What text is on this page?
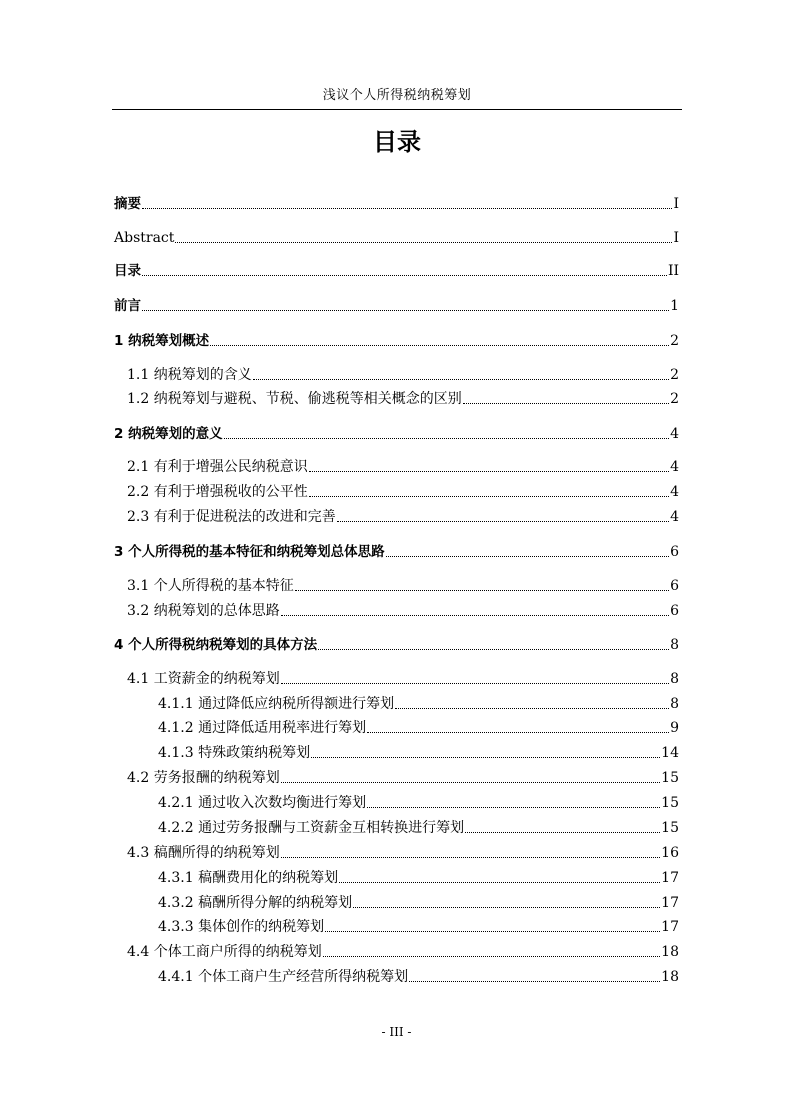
浅议个人所得税纳税筹划
目录
摘要	I
Abstract	I
目录	II
前言	1
1 纳税筹划概述	2
1.1 纳税筹划的含义	2
1.2 纳税筹划与避税、节税、偷逃税等相关概念的区别	2
2 纳税筹划的意义	4
2.1 有利于增强公民纳税意识	4
2.2 有利于增强税收的公平性	4
2.3 有利于促进税法的改进和完善	4
3 个人所得税的基本特征和纳税筹划总体思路	6
3.1 个人所得税的基本特征	6
3.2 纳税筹划的总体思路	6
4 个人所得税纳税筹划的具体方法	8
4.1 工资薪金的纳税筹划	8
4.1.1 通过降低应纳税所得额进行筹划	8
4.1.2 通过降低适用税率进行筹划	9
4.1.3 特殊政策纳税筹划	14
4.2 劳务报酬的纳税筹划	15
4.2.1 通过收入次数均衡进行筹划	15
4.2.2 通过劳务报酬与工资薪金互相转换进行筹划	15
4.3 稿酬所得的纳税筹划	16
4.3.1 稿酬费用化的纳税筹划	17
4.3.2 稿酬所得分解的纳税筹划	17
4.3.3 集体创作的纳税筹划	17
4.4 个体工商户所得的纳税筹划	18
4.4.1 个体工商户生产经营所得纳税筹划	18
- III -
